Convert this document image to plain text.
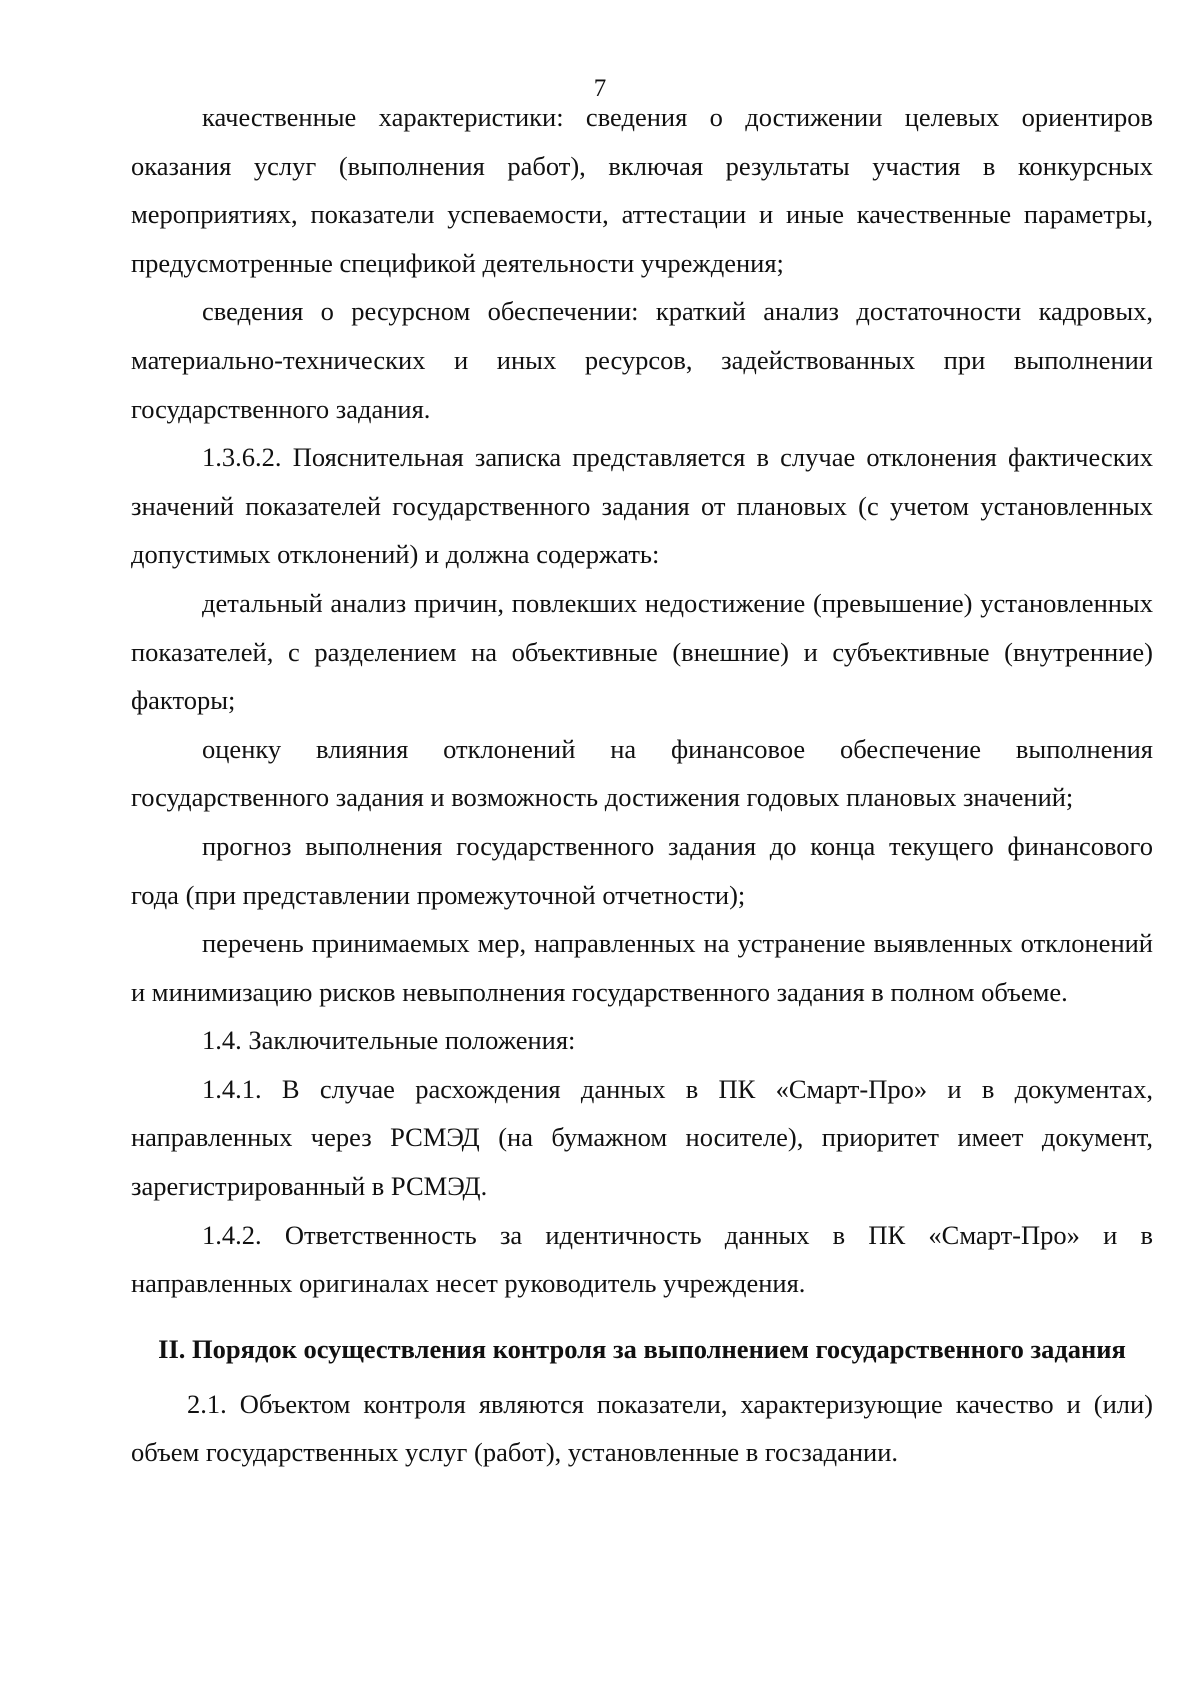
7

качественные характеристики: сведения о достижении целевых ориентиров оказания услуг (выполнения работ), включая результаты участия в конкурсных мероприятиях, показатели успеваемости, аттестации и иные качественные параметры, предусмотренные спецификой деятельности учреждения;

сведения о ресурсном обеспечении: краткий анализ достаточности кадровых, материально-технических и иных ресурсов, задействованных при выполнении государственного задания.

1.3.6.2. Пояснительная записка представляется в случае отклонения фактических значений показателей государственного задания от плановых (с учетом установленных допустимых отклонений) и должна содержать:

детальный анализ причин, повлекших недостижение (превышение) установленных показателей, с разделением на объективные (внешние) и субъективные (внутренние) факторы;

оценку влияния отклонений на финансовое обеспечение выполнения государственного задания и возможность достижения годовых плановых значений;

прогноз выполнения государственного задания до конца текущего финансового года (при представлении промежуточной отчетности);

перечень принимаемых мер, направленных на устранение выявленных отклонений и минимизацию рисков невыполнения государственного задания в полном объеме.

1.4. Заключительные положения:

1.4.1. В случае расхождения данных в ПК «Смарт-Про» и в документах, направленных через РСМЭД (на бумажном носителе), приоритет имеет документ, зарегистрированный в РСМЭД.

1.4.2. Ответственность за идентичность данных в ПК «Смарт-Про» и в направленных оригиналах несет руководитель учреждения.

II. Порядок осуществления контроля за выполнением государственного задания

2.1. Объектом контроля являются показатели, характеризующие качество и (или) объем государственных услуг (работ), установленные в госзадании.
